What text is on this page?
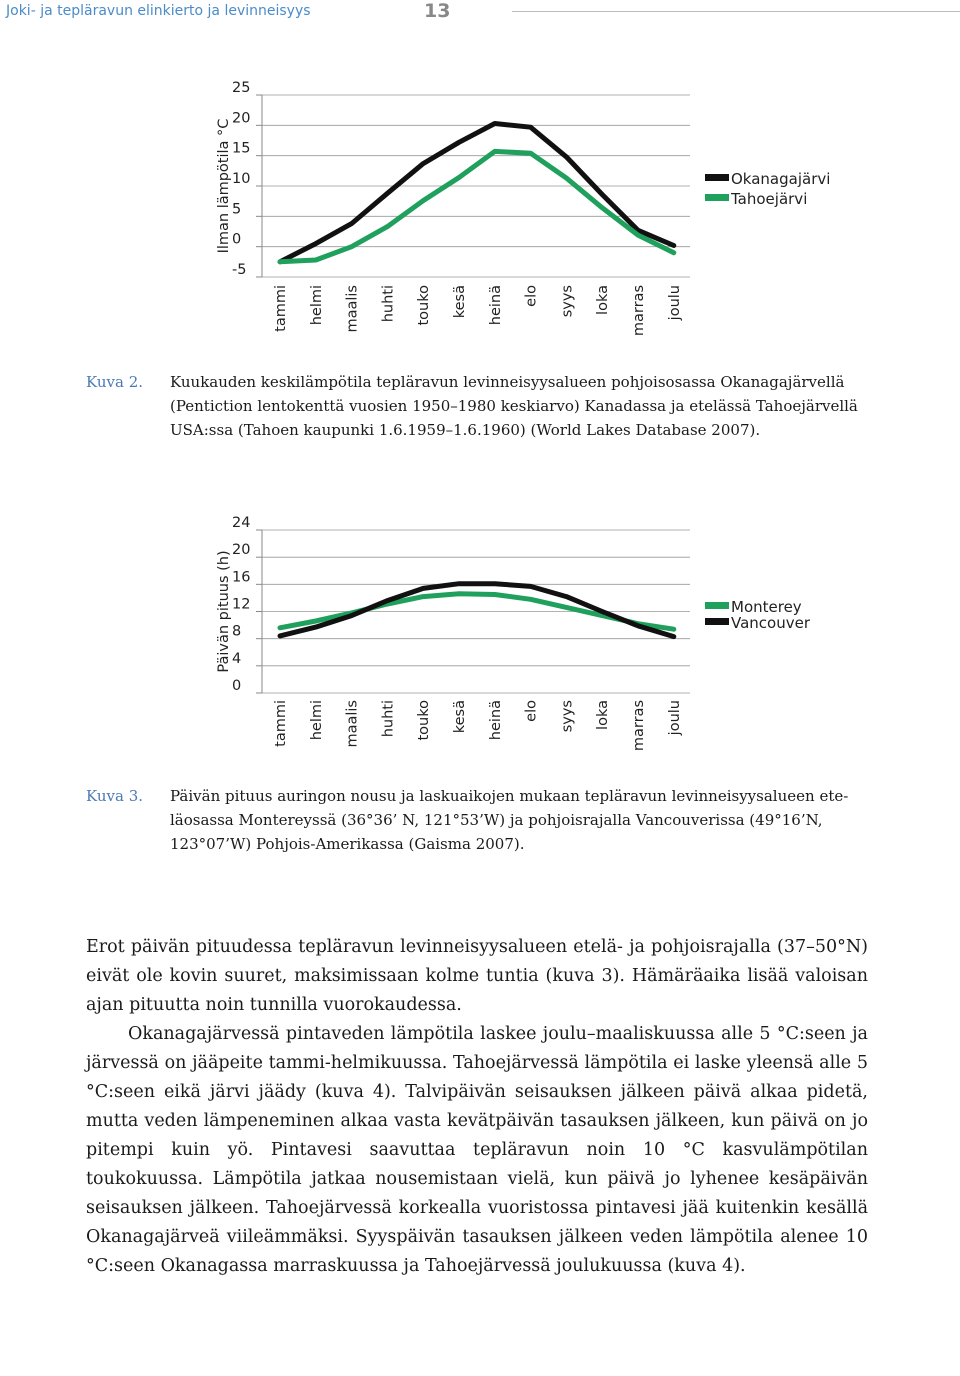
Joki- ja tepläravun elinkierto ja levinneisyys	13
Ilman lämpötila °C
25
20
15
10
5
0
-5
tammi helmi maalis huhti touko kesä heinä elo syys loka marras joulu
Okanagajärvi
Tahoejärvi
Kuva 2. Kuukauden keskilämpötila tepläravun levinneisyysalueen pohjoisosassa Okanagajärvellä
(Pentiction lentokenttä vuosien 1950–1980 keskiarvo) Kanadassa ja etelässä Tahoejärvellä
USA:ssa (Tahoen kaupunki 1.6.1959–1.6.1960) (World Lakes Database 2007).
Päivän pituus (h)
24
20
16
12
8
4
0
tammi helmi maalis huhti touko kesä heinä elo syys loka marras joulu
Monterey
Vancouver
Kuva 3. Päivän pituus auringon nousu ja laskuaikojen mukaan tepläravun levinneisyysalueen ete-
läosassa Montereyssä (36°36’ N, 121°53’W) ja pohjoisrajalla Vancouverissa (49°16’N,
123°07’W) Pohjois-Amerikassa (Gaisma 2007).

Erot päivän pituudessa tepläravun levinneisyysalueen etelä- ja pohjoisrajalla (37–50°N) eivät ole kovin suuret, maksimissaan kolme tuntia (kuva 3). Hämäräaika lisää valoisan ajan pituutta noin tunnilla vuorokaudessa.

Okanagajärvessä pintaveden lämpötila laskee joulu–maaliskuussa alle 5 °C:seen ja järvessä on jääpeite tammi-helmikuussa. Tahoejärvessä lämpötila ei laske yleensä alle 5 °C:seen eikä järvi jäädy (kuva 4). Talvipäivän seisauksen jälkeen päivä alkaa pidetä, mutta veden lämpeneminen alkaa vasta kevätpäivän tasauksen jälkeen, kun päivä on jo pitempi kuin yö. Pintavesi saavuttaa tepläravun noin 10 °C kasvulämpötilan toukokuussa. Lämpötila jatkaa nousemistaan vielä, kun päivä jo lyhenee kesäpäivän seisauksen jälkeen. Tahoejärvessä korkealla vuoristossa pintavesi jää kuitenkin kesällä Okanagajärveä viileämmäksi. Syyspäivän tasauksen jälkeen veden lämpötila alenee 10 °C:seen Okanagassa marraskuussa ja Tahoejärvessä joulukuussa (kuva 4).
